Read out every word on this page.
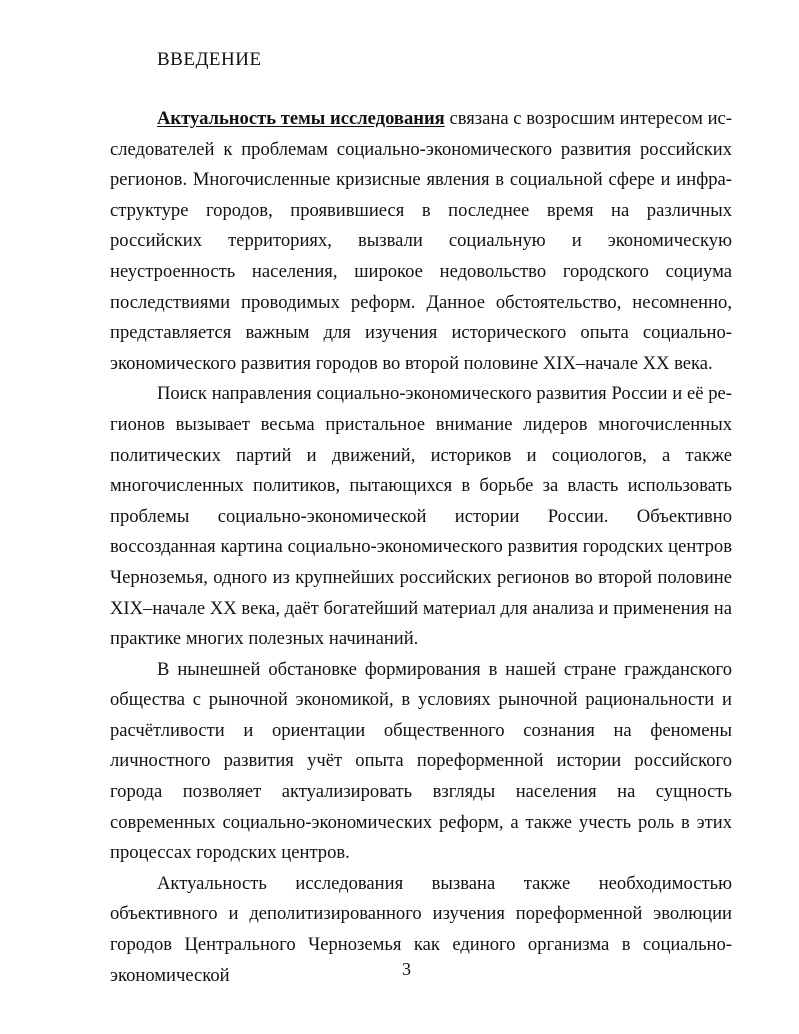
ВВЕДЕНИЕ

Актуальность темы исследования связана с возросшим интересом исследователей к проблемам социально-экономического развития российских регионов. Многочисленные кризисные явления в социальной сфере и инфраструктуре городов, проявившиеся в последнее время на различных российских территориях, вызвали социальную и экономическую неустроенность населения, широкое недовольство городского социума последствиями проводимых реформ. Данное обстоятельство, несомненно, представляется важным для изучения исторического опыта социально-экономического развития городов во второй половине XIX–начале XX века.

Поиск направления социально-экономического развития России и её регионов вызывает весьма пристальное внимание лидеров многочисленных политических партий и движений, историков и социологов, а также многочисленных политиков, пытающихся в борьбе за власть использовать проблемы социально-экономической истории России. Объективно воссозданная картина социально-экономического развития городских центров Черноземья, одного из крупнейших российских регионов во второй половине XIX–начале XX века, даёт богатейший материал для анализа и применения на практике многих полезных начинаний.

В нынешней обстановке формирования в нашей стране гражданского общества с рыночной экономикой, в условиях рыночной рациональности и расчётливости и ориентации общественного сознания на феномены личностного развития учёт опыта пореформенной истории российского города позволяет актуализировать взгляды населения на сущность современных социально-экономических реформ, а также учесть роль в этих процессах городских центров.

Актуальность исследования вызвана также необходимостью объективного и деполитизированного изучения пореформенной эволюции городов Центрального Черноземья как единого организма в социально-экономической	3
